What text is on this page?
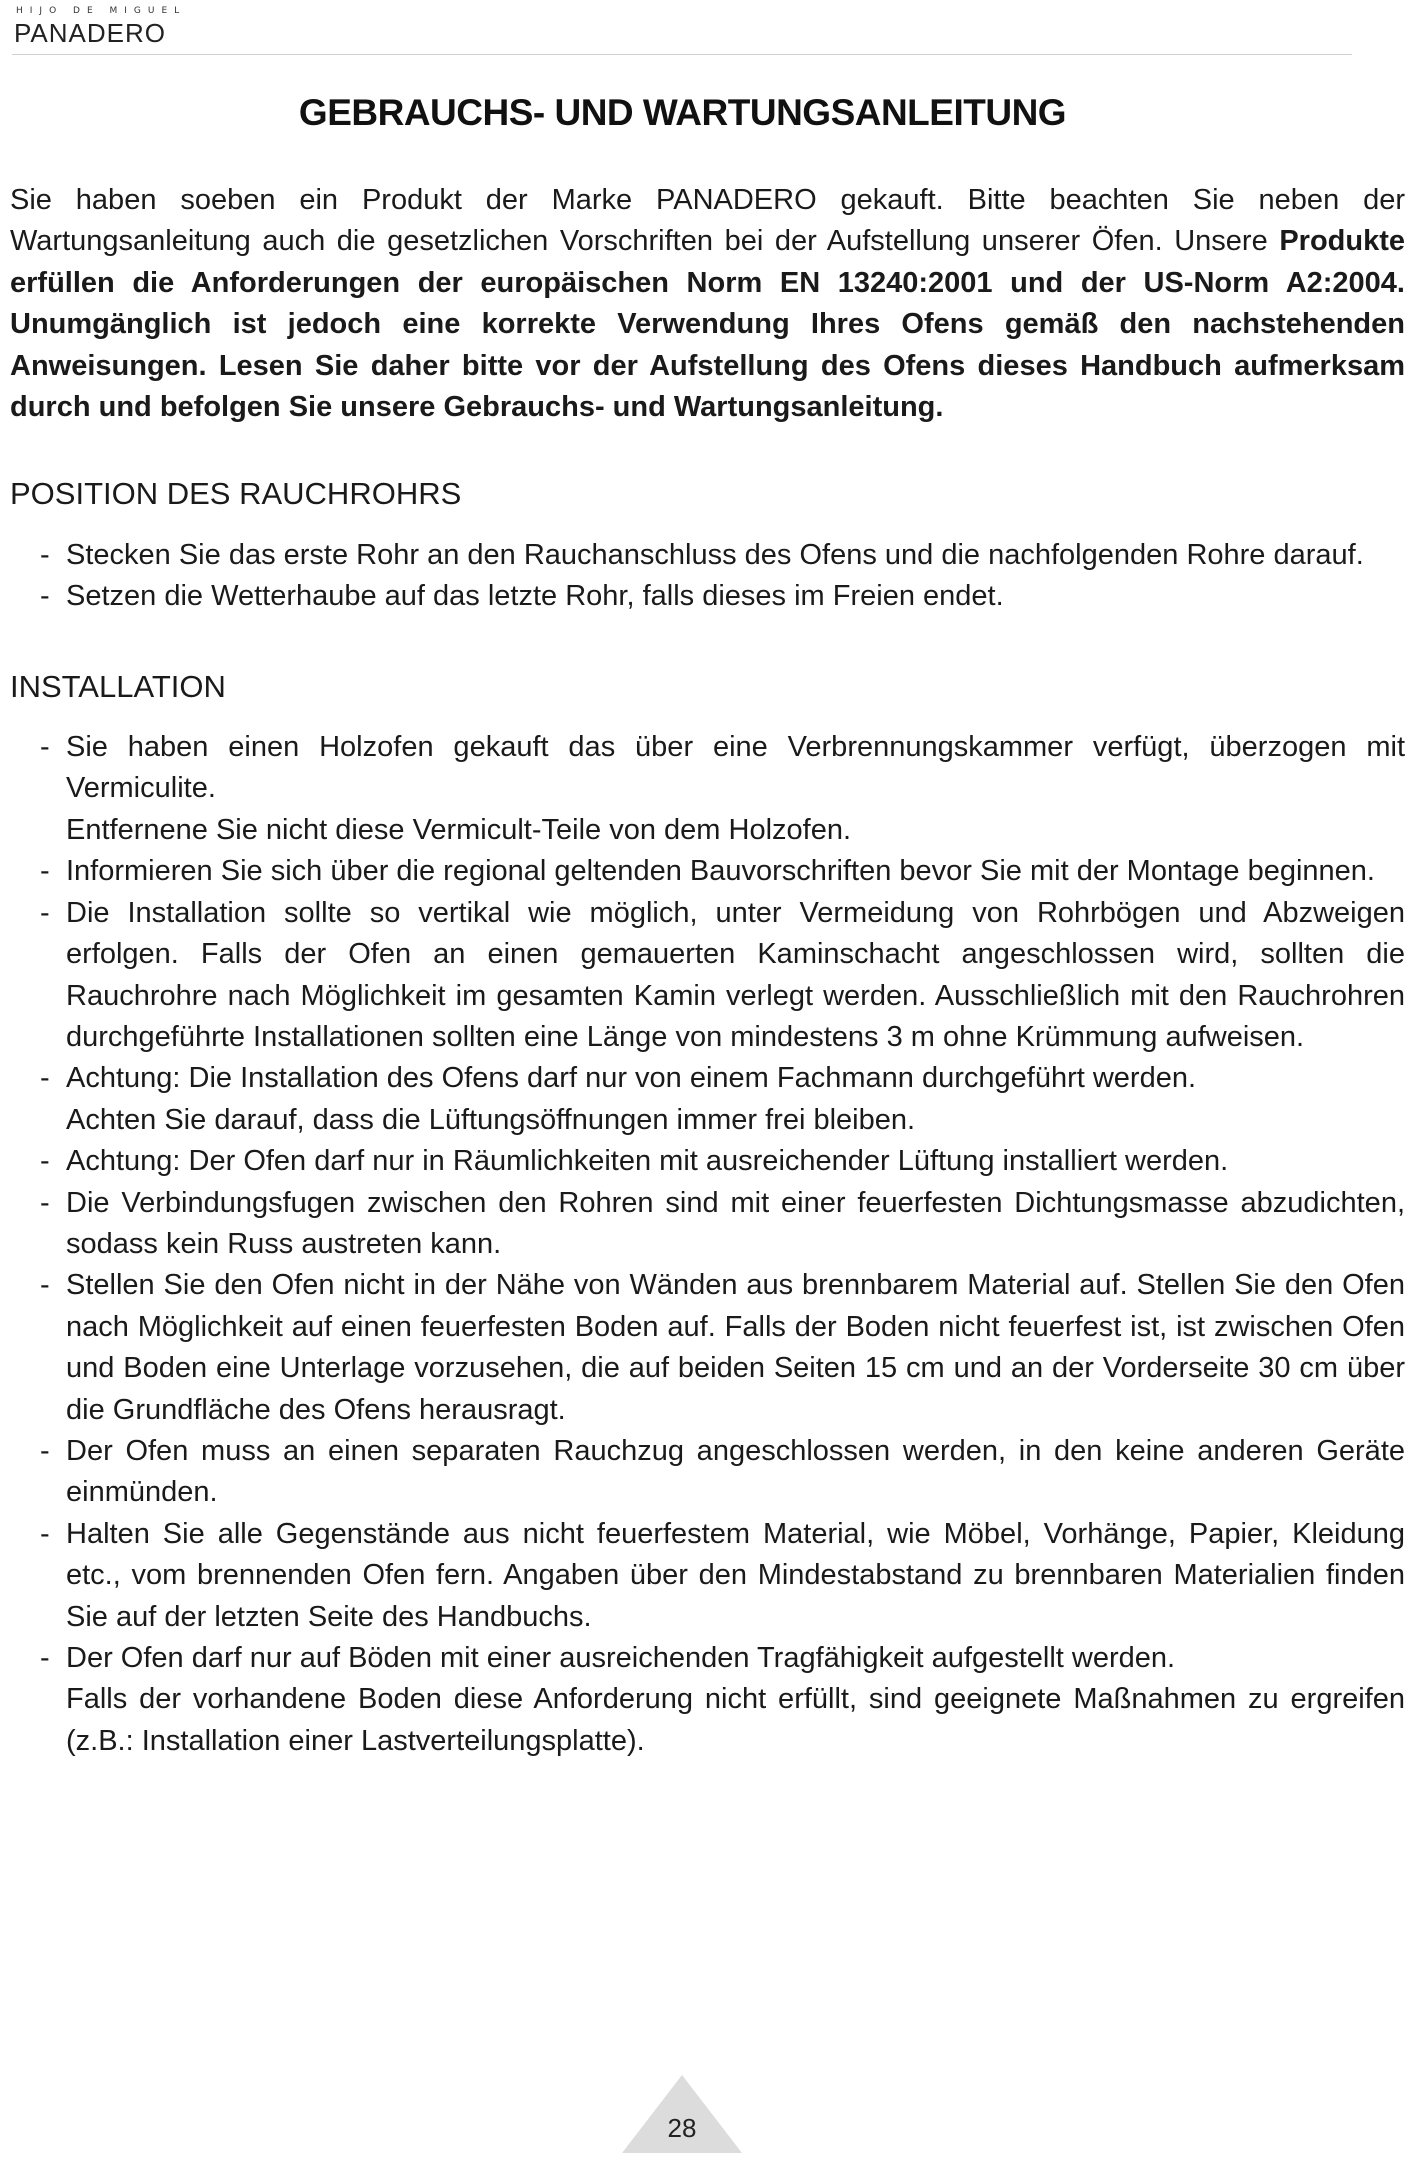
HIJO DE MIGUEL
PANADERO
GEBRAUCHS- UND WARTUNGSANLEITUNG

Sie haben soeben ein Produkt der Marke PANADERO gekauft. Bitte beachten Sie neben der Wartungsanleitung auch die gesetzlichen Vorschriften bei der Aufstellung unserer Öfen. Unsere Produkte erfüllen die Anforderungen der europäischen Norm EN 13240:2001 und der US-Norm A2:2004. Unumgänglich ist jedoch eine korrekte Verwendung Ihres Ofens gemäß den nachstehenden Anweisungen. Lesen Sie daher bitte vor der Aufstellung des Ofens dieses Handbuch aufmerksam durch und befolgen Sie unsere Gebrauchs- und Wartungsanleitung.

POSITION DES RAUCHROHRS
- Stecken Sie das erste Rohr an den Rauchanschluss des Ofens und die nachfolgenden Rohre darauf.
- Setzen die Wetterhaube auf das letzte Rohr, falls dieses im Freien endet.
INSTALLATION
- Sie haben einen Holzofen gekauft das über eine Verbrennungskammer verfügt, überzogen mit Vermiculite.
Entfernene Sie nicht diese Vermicult-Teile von dem Holzofen.
- Informieren Sie sich über die regional geltenden Bauvorschriften bevor Sie mit der Montage beginnen.
- Die Installation sollte so vertikal wie möglich, unter Vermeidung von Rohrbögen und Abzweigen erfolgen. Falls der Ofen an einen gemauerten Kaminschacht angeschlossen wird, sollten die Rauchrohre nach Möglichkeit im gesamten Kamin verlegt werden. Ausschließlich mit den Rauchrohren durchgeführte Installationen sollten eine Länge von mindestens 3 m ohne Krümmung aufweisen.
- Achtung: Die Installation des Ofens darf nur von einem Fachmann durchgeführt werden.
Achten Sie darauf, dass die Lüftungsöffnungen immer frei bleiben.
- Achtung: Der Ofen darf nur in Räumlichkeiten mit ausreichender Lüftung installiert werden.
- Die Verbindungsfugen zwischen den Rohren sind mit einer feuerfesten Dichtungsmasse abzudichten, sodass kein Russ austreten kann.
- Stellen Sie den Ofen nicht in der Nähe von Wänden aus brennbarem Material auf. Stellen Sie den Ofen nach Möglichkeit auf einen feuerfesten Boden auf. Falls der Boden nicht feuerfest ist, ist zwischen Ofen und Boden eine Unterlage vorzusehen, die auf beiden Seiten 15 cm und an der Vorderseite 30 cm über die Grundfläche des Ofens herausragt.
- Der Ofen muss an einen separaten Rauchzug angeschlossen werden, in den keine anderen Geräte einmünden.
- Halten Sie alle Gegenstände aus nicht feuerfestem Material, wie Möbel, Vorhänge, Papier, Kleidung etc., vom brennenden Ofen fern. Angaben über den Mindestabstand zu brennbaren Materialien finden Sie auf der letzten Seite des Handbuchs.
- Der Ofen darf nur auf Böden mit einer ausreichenden Tragfähigkeit aufgestellt werden.
Falls der vorhandene Boden diese Anforderung nicht erfüllt, sind geeignete Maßnahmen zu ergreifen (z.B.: Installation einer Lastverteilungsplatte).
28
